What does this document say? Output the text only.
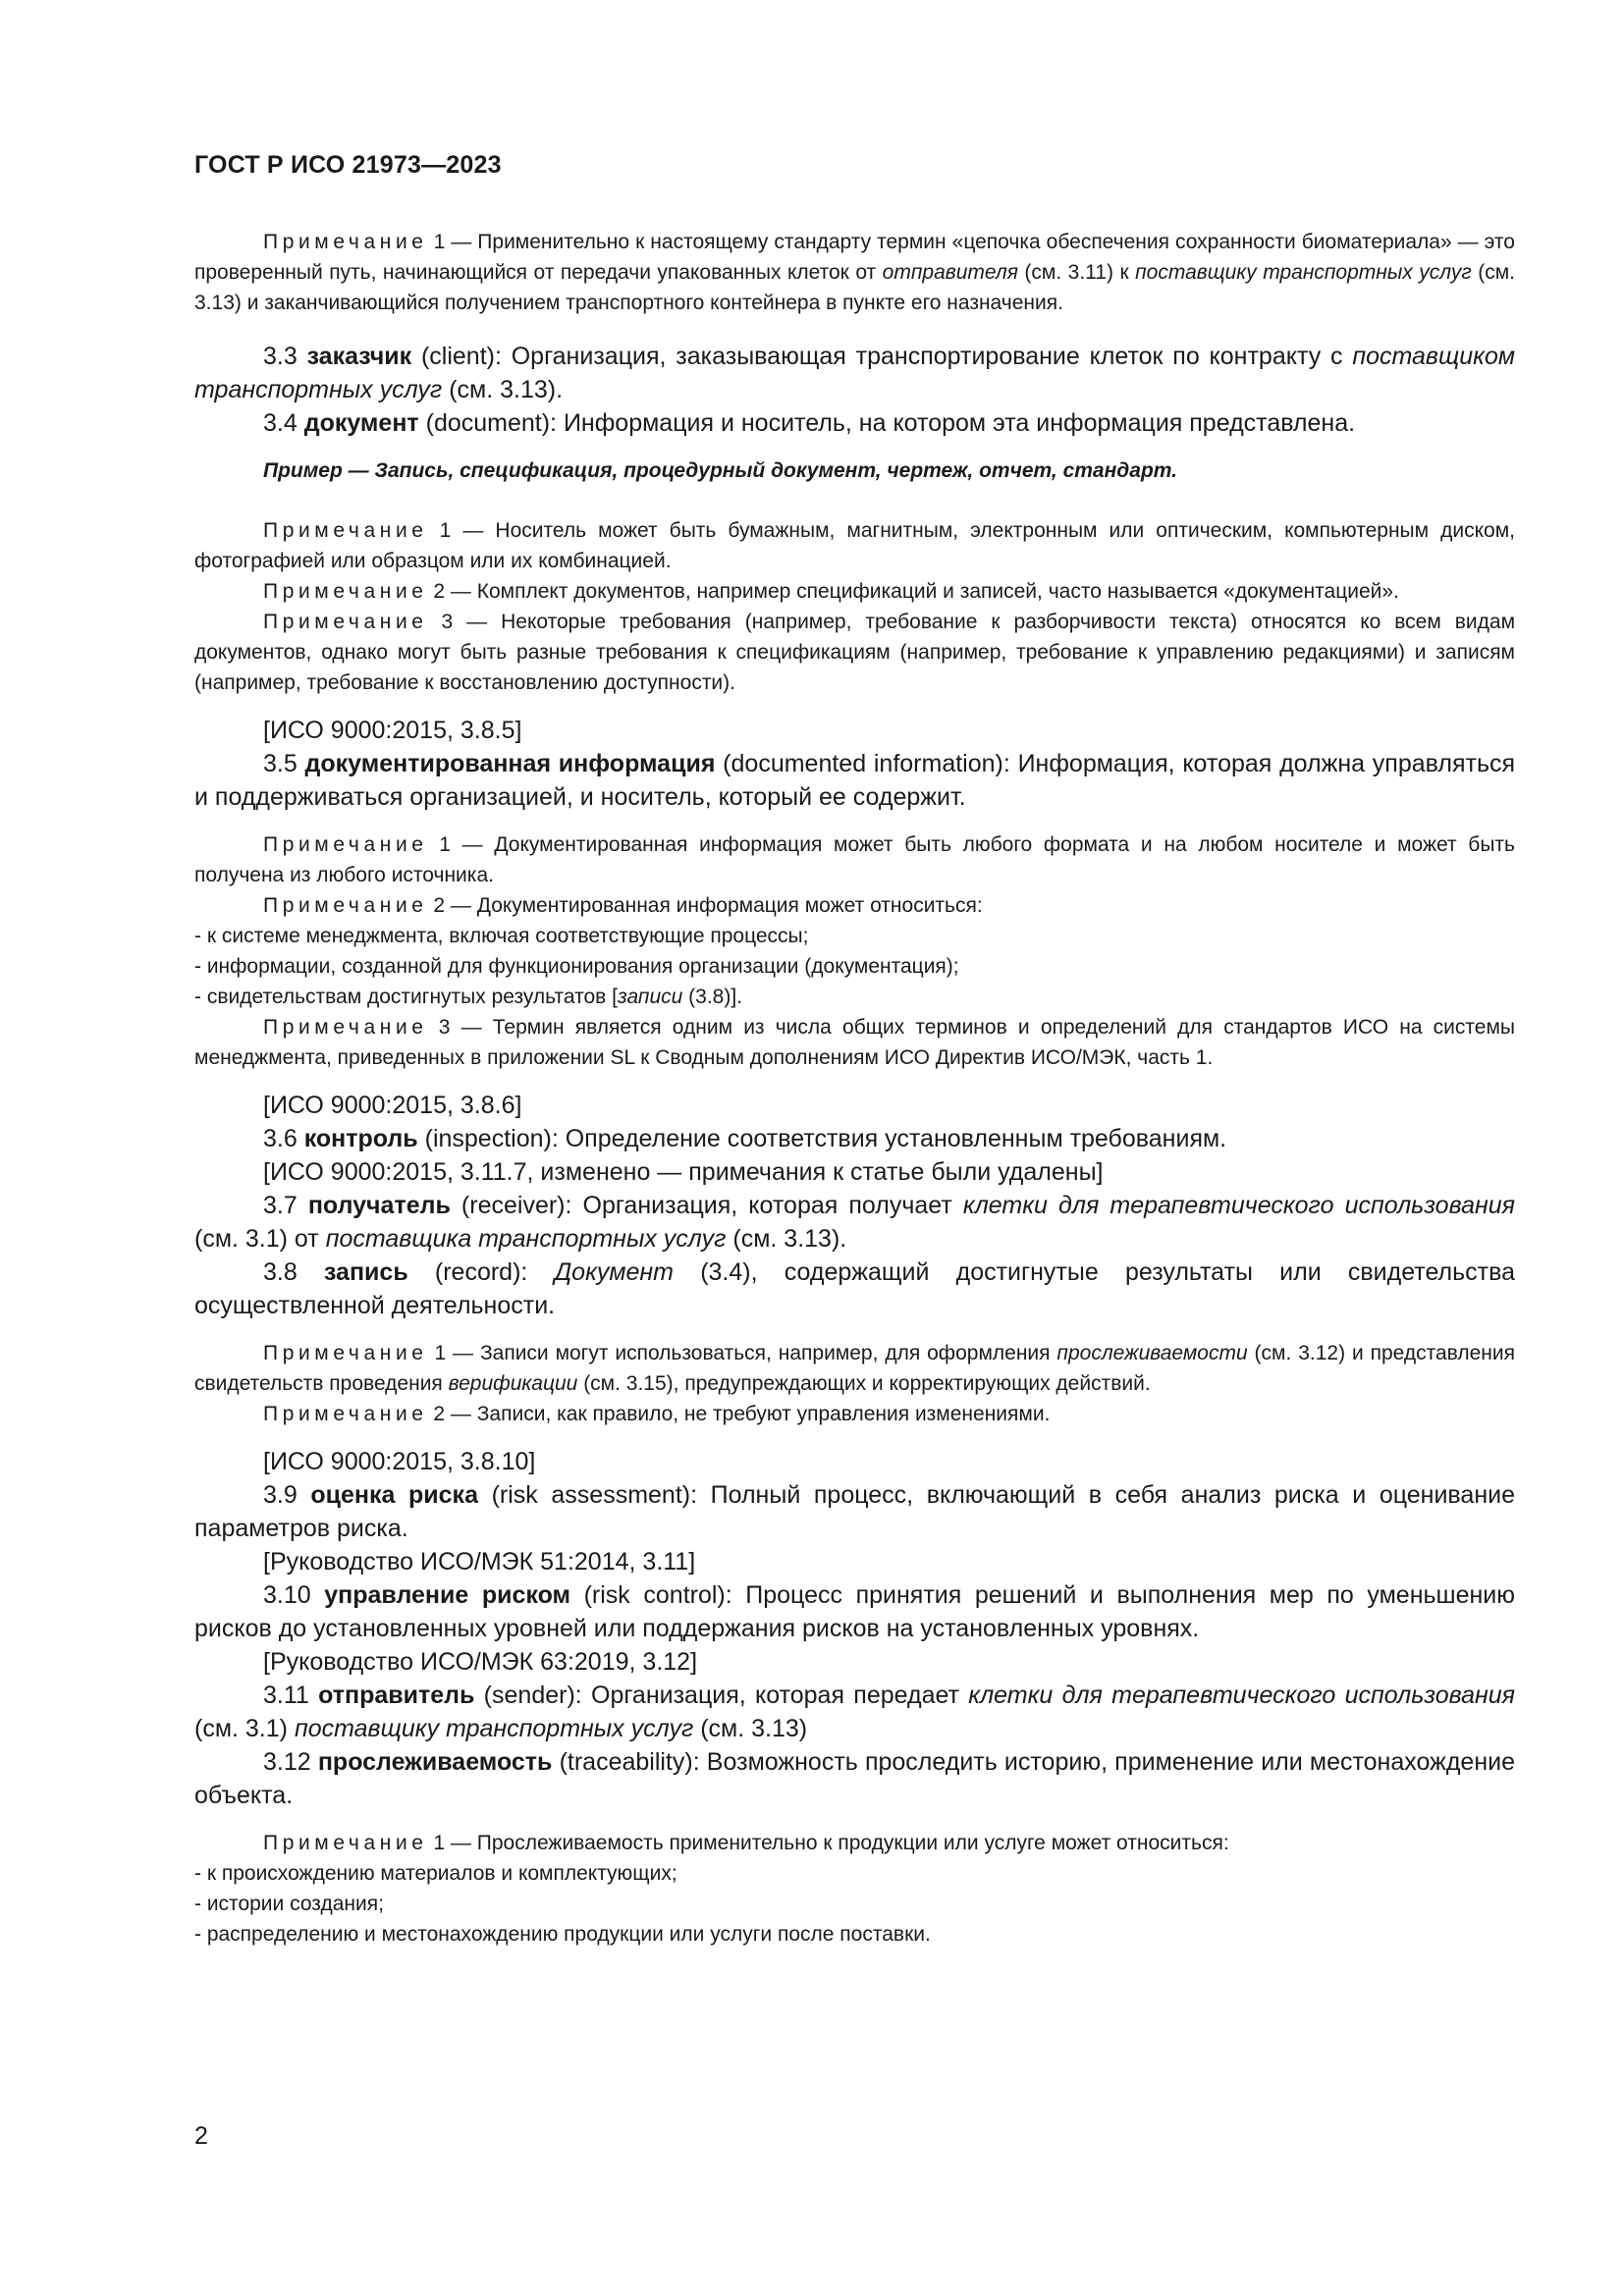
ГОСТ Р ИСО 21973—2023

Примечание 1 — Применительно к настоящему стандарту термин «цепочка обеспечения сохранности биоматериала» — это проверенный путь, начинающийся от передачи упакованных клеток от отправителя (см. 3.11) к поставщику транспортных услуг (см. 3.13) и заканчивающийся получением транспортного контейнера в пункте его назначения.

3.3 заказчик (client): Организация, заказывающая транспортирование клеток по контракту с поставщиком транспортных услуг (см. 3.13).

3.4 документ (document): Информация и носитель, на котором эта информация представлена.

Пример — Запись, спецификация, процедурный документ, чертеж, отчет, стандарт.

Примечание 1 — Носитель может быть бумажным, магнитным, электронным или оптическим, компьютерным диском, фотографией или образцом или их комбинацией.

Примечание 2 — Комплект документов, например спецификаций и записей, часто называется «документацией».

Примечание 3 — Некоторые требования (например, требование к разборчивости текста) относятся ко всем видам документов, однако могут быть разные требования к спецификациям (например, требование к управлению редакциями) и записям (например, требование к восстановлению доступности).

[ИСО 9000:2015, 3.8.5]

3.5 документированная информация (documented information): Информация, которая должна управляться и поддерживаться организацией, и носитель, который ее содержит.

Примечание 1 — Документированная информация может быть любого формата и на любом носителе и может быть получена из любого источника.

Примечание 2 — Документированная информация может относиться:

- к системе менеджмента, включая соответствующие процессы;

- информации, созданной для функционирования организации (документация);

- свидетельствам достигнутых результатов [записи (3.8)].

Примечание 3 — Термин является одним из числа общих терминов и определений для стандартов ИСО на системы менеджмента, приведенных в приложении SL к Сводным дополнениям ИСО Директив ИСО/МЭК, часть 1.

[ИСО 9000:2015, 3.8.6]

3.6 контроль (inspection): Определение соответствия установленным требованиям.

[ИСО 9000:2015, 3.11.7, изменено — примечания к статье были удалены]

3.7 получатель (receiver): Организация, которая получает клетки для терапевтического использования (см. 3.1) от поставщика транспортных услуг (см. 3.13).

3.8 запись (record): Документ (3.4), содержащий достигнутые результаты или свидетельства осуществленной деятельности.

Примечание 1 — Записи могут использоваться, например, для оформления прослеживаемости (см. 3.12) и представления свидетельств проведения верификации (см. 3.15), предупреждающих и корректирующих действий.

Примечание 2 — Записи, как правило, не требуют управления изменениями.

[ИСО 9000:2015, 3.8.10]

3.9 оценка риска (risk assessment): Полный процесс, включающий в себя анализ риска и оценивание параметров риска.

[Руководство ИСО/МЭК 51:2014, 3.11]

3.10 управление риском (risk control): Процесс принятия решений и выполнения мер по уменьшению рисков до установленных уровней или поддержания рисков на установленных уровнях.

[Руководство ИСО/МЭК 63:2019, 3.12]

3.11 отправитель (sender): Организация, которая передает клетки для терапевтического использования (см. 3.1) поставщику транспортных услуг (см. 3.13)

3.12 прослеживаемость (traceability): Возможность проследить историю, применение или местонахождение объекта.

Примечание 1 — Прослеживаемость применительно к продукции или услуге может относиться:

- к происхождению материалов и комплектующих;

- истории создания;

- распределению и местонахождению продукции или услуги после поставки.

2
